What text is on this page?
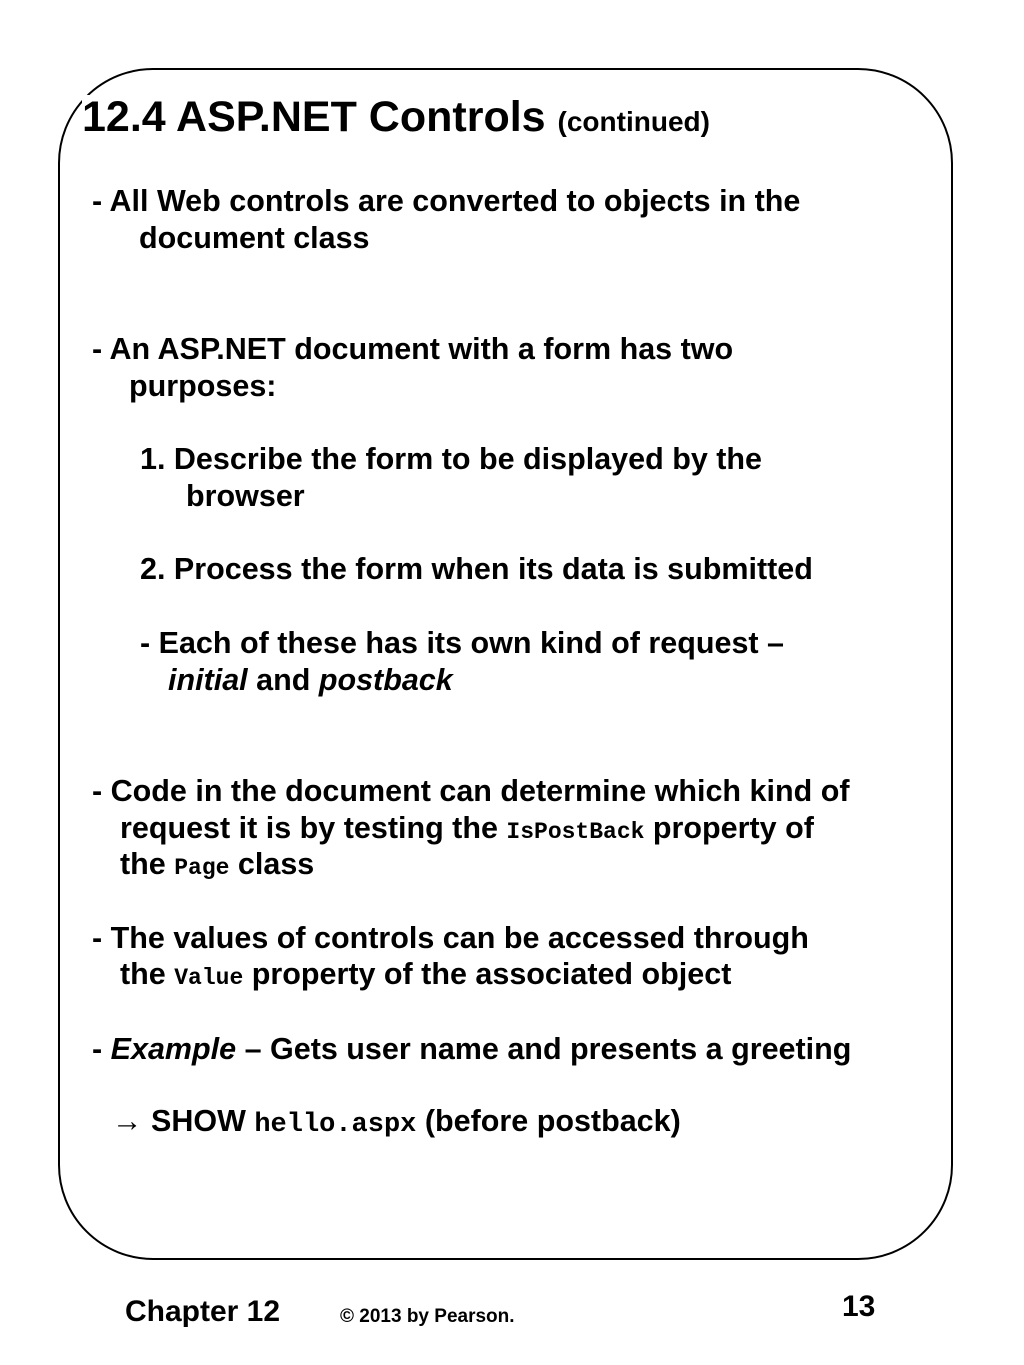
12.4 ASP.NET Controls (continued)
- All Web controls are converted to objects in the
document class
- An ASP.NET document with a form has two
purposes:
1. Describe the form to be displayed by the
browser
2. Process the form when its data is submitted
- Each of these has its own kind of request –
initial and postback
- Code in the document can determine which kind of
request it is by testing the IsPostBack property of
the Page class
- The values of controls can be accessed through
the Value property of the associated object
- Example – Gets user name and presents a greeting
→ SHOW hello.aspx (before postback)
Chapter 12	© 2013 by Pearson.	13
